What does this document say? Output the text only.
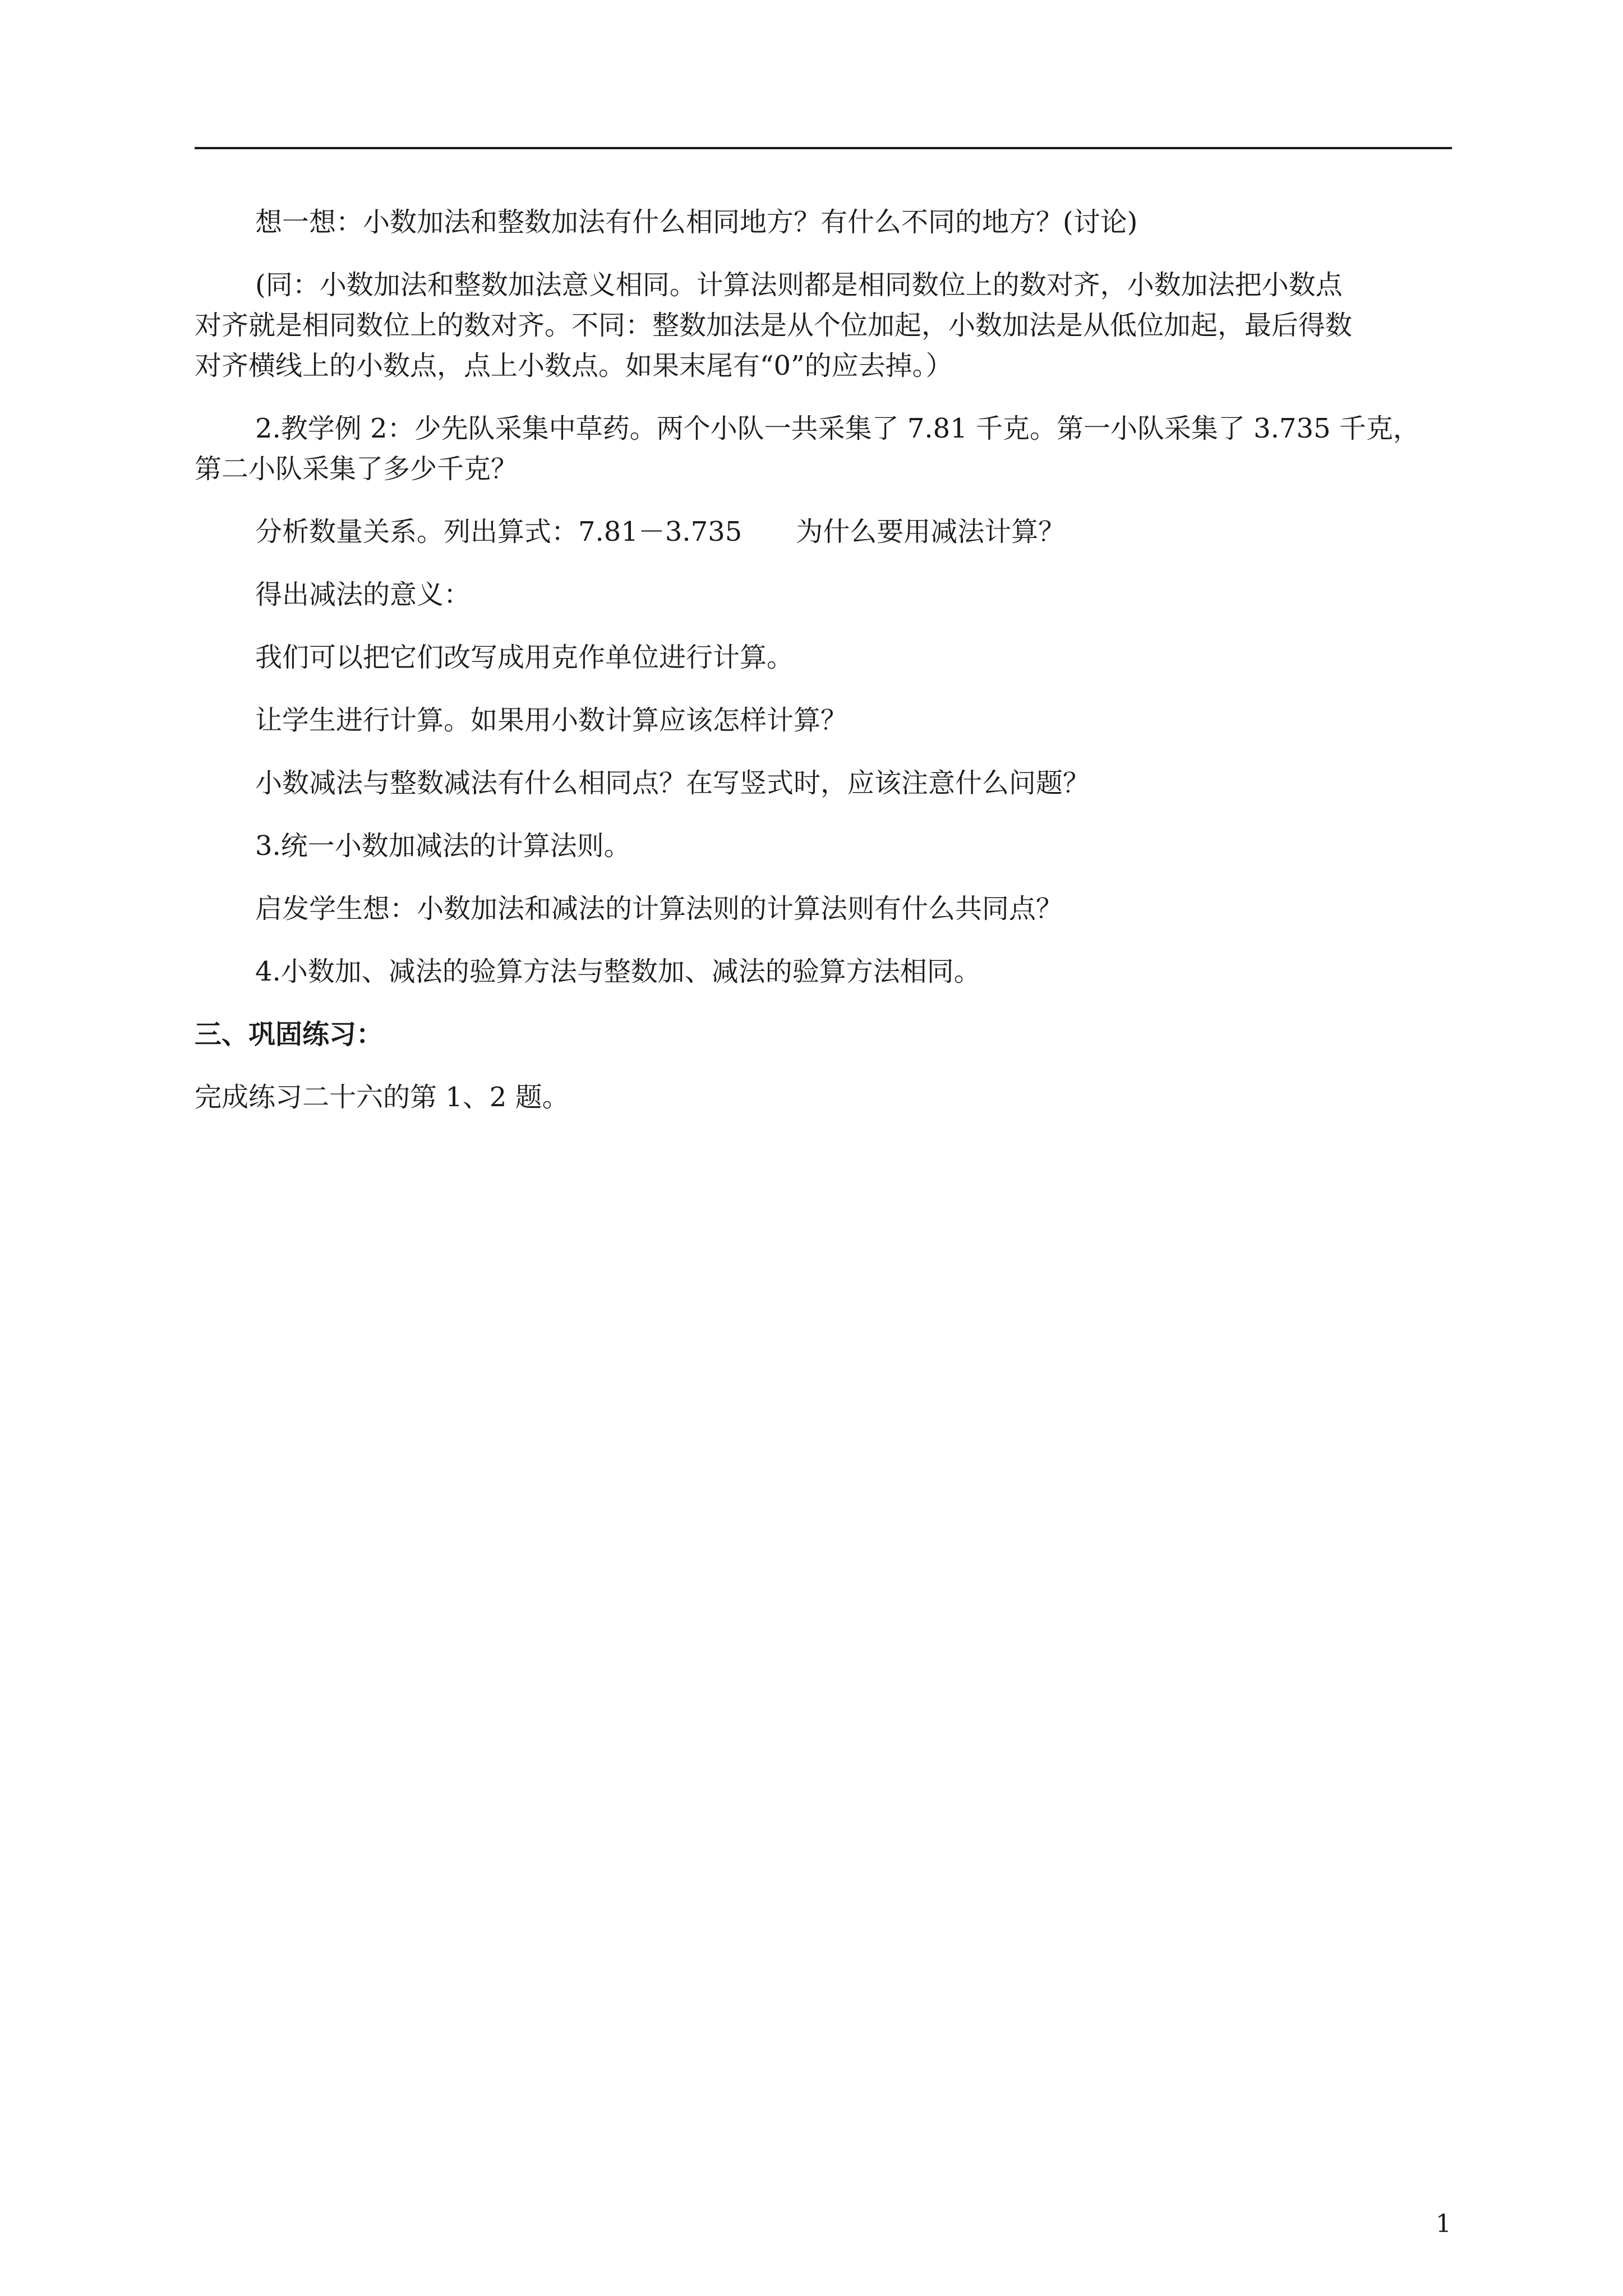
想一想：小数加法和整数加法有什么相同地方？有什么不同的地方？(讨论)

(同：小数加法和整数加法意义相同。计算法则都是相同数位上的数对齐，小数加法把小数点

对齐就是相同数位上的数对齐。不同：整数加法是从个位加起，小数加法是从低位加起，最后得数

对齐横线上的小数点，点上小数点。如果末尾有“0”的应去掉。）

2.教学例 2：少先队采集中草药。两个小队一共采集了 7.81 千克。第一小队采集了 3.735 千克，

第二小队采集了多少千克？

分析数量关系。列出算式：7.81－3.735　　为什么要用减法计算？

得出减法的意义：

我们可以把它们改写成用克作单位进行计算。

让学生进行计算。如果用小数计算应该怎样计算？

小数减法与整数减法有什么相同点？在写竖式时，应该注意什么问题？

3.统一小数加减法的计算法则。

启发学生想：小数加法和减法的计算法则的计算法则有什么共同点？

4.小数加、减法的验算方法与整数加、减法的验算方法相同。

三、巩固练习：

完成练习二十六的第 1、2 题。

1
